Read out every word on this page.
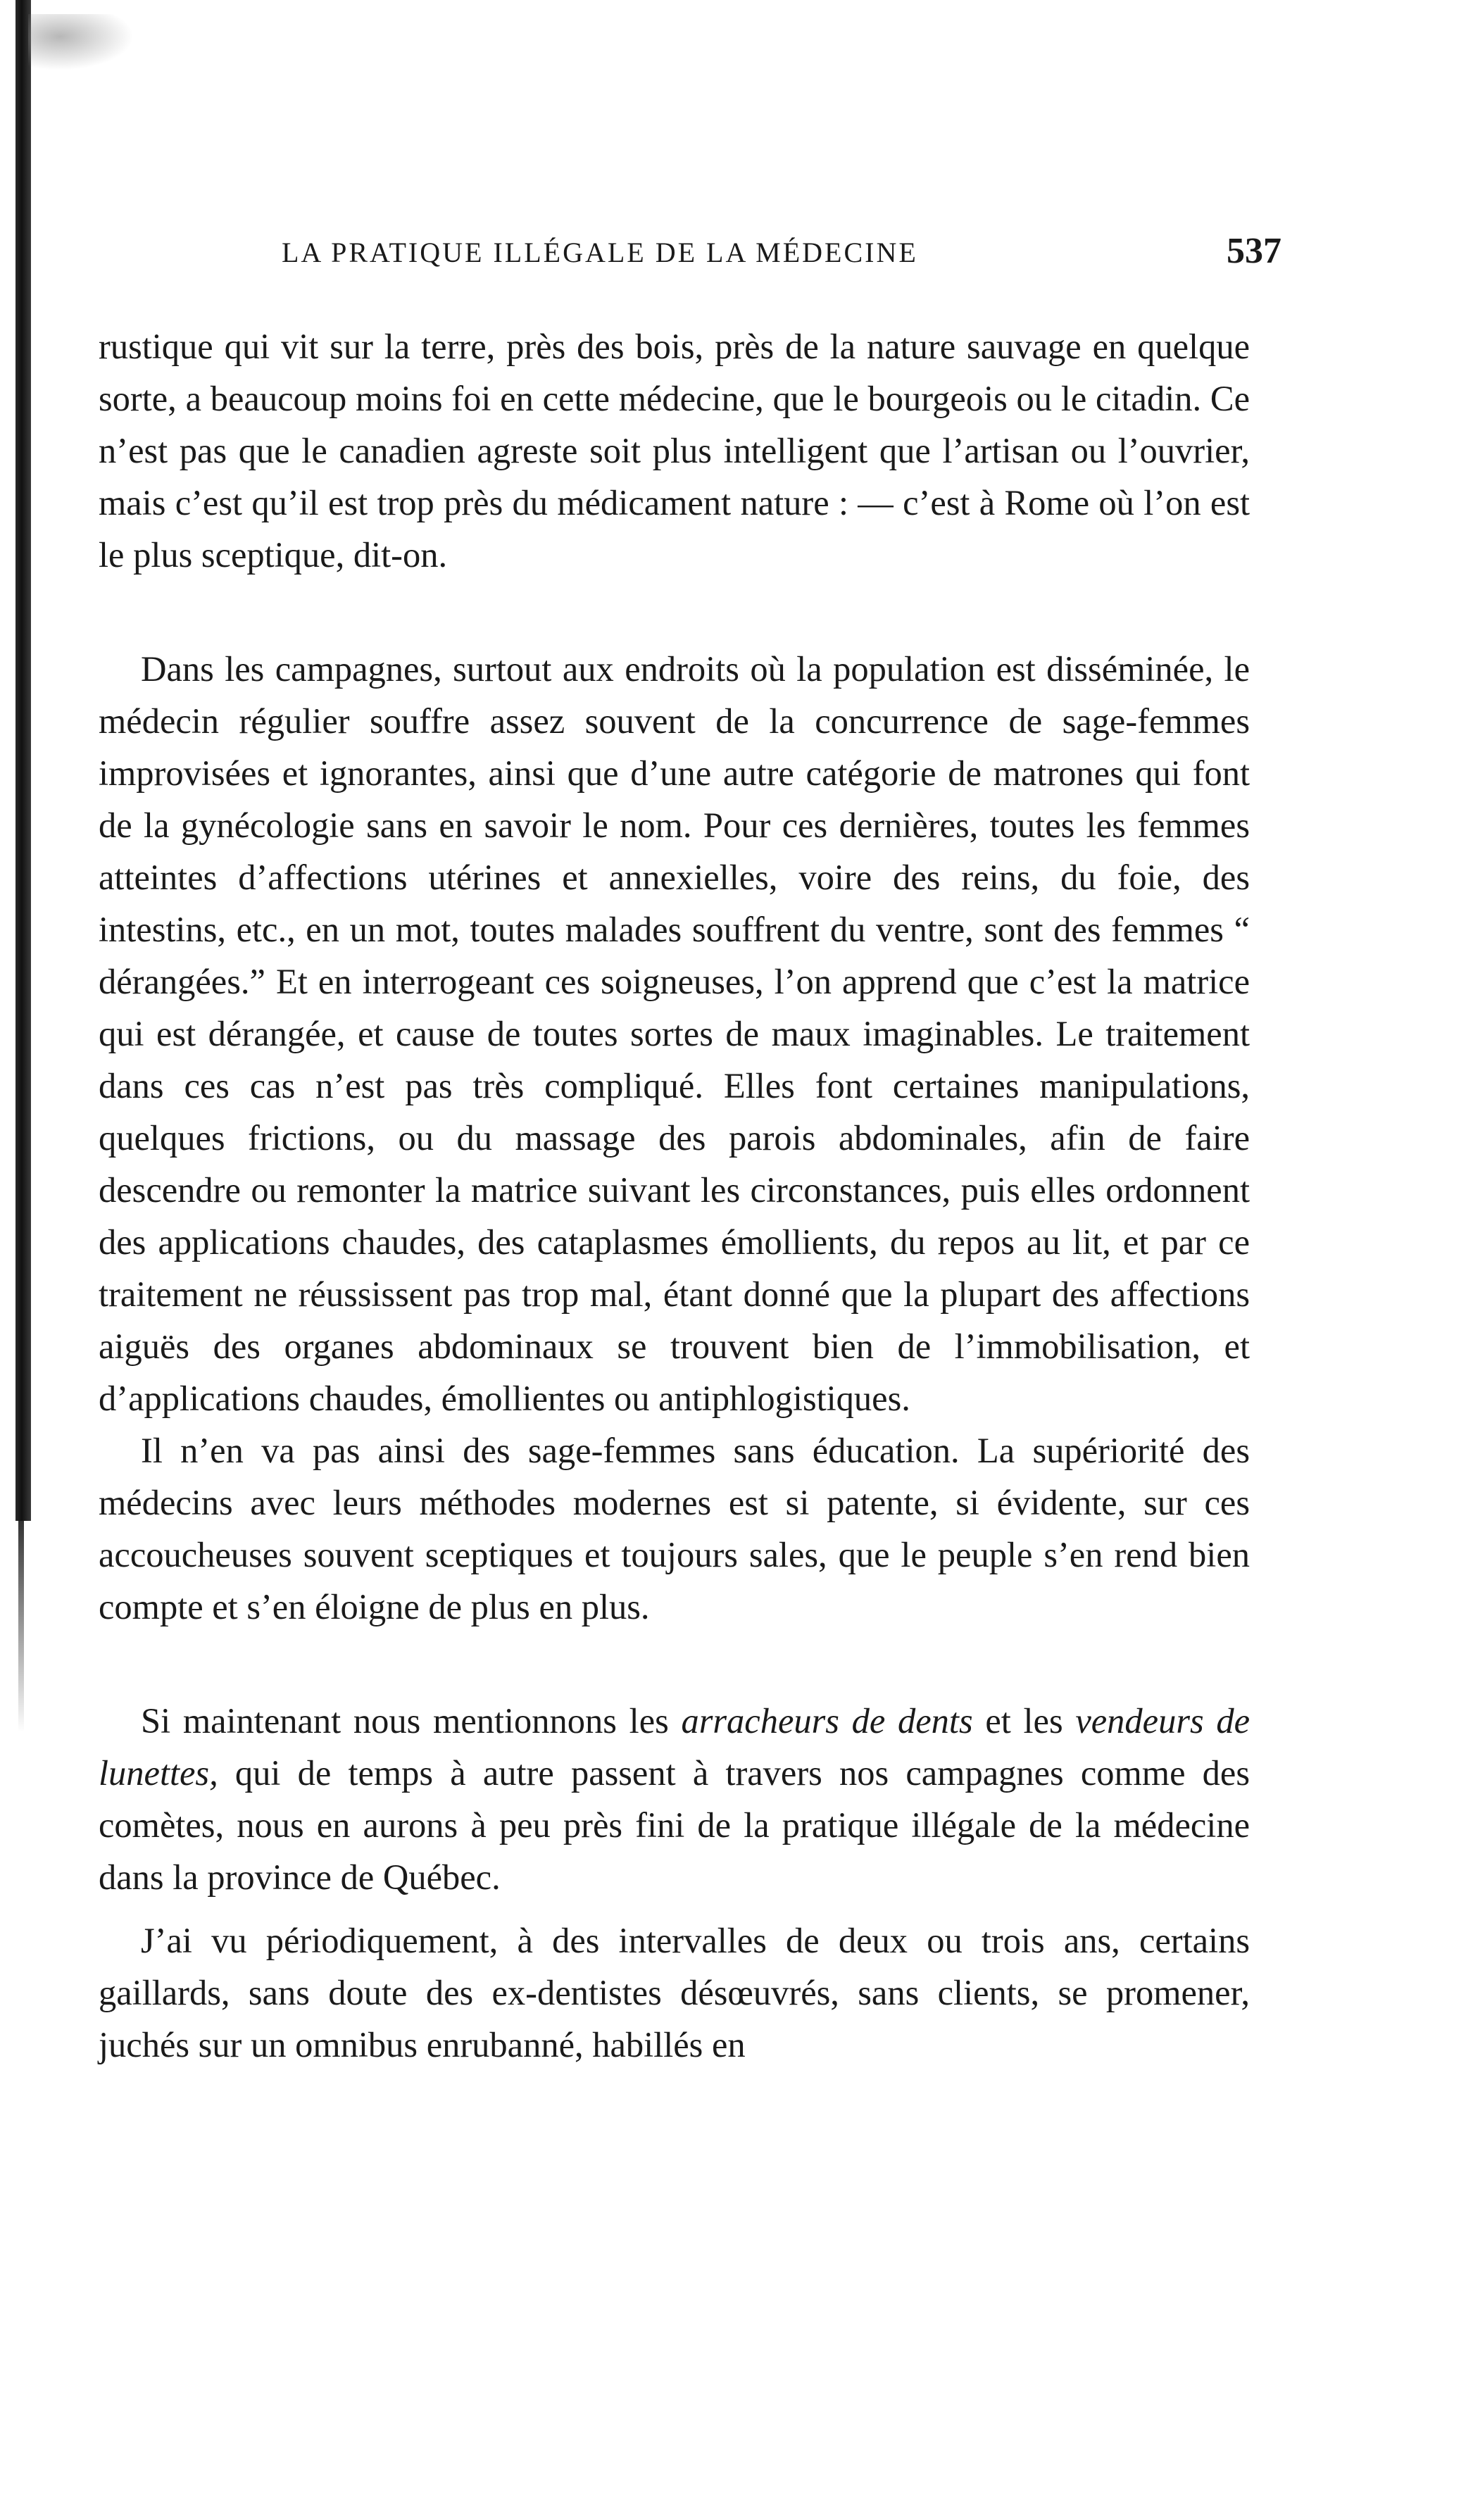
LA PRATIQUE ILLÉGALE DE LA MÉDECINE	537

rustique qui vit sur la terre, près des bois, près de la nature sauvage en quelque sorte, a beaucoup moins foi en cette médecine, que le bourgeois ou le citadin. Ce n’est pas que le canadien agreste soit plus intelligent que l’artisan ou l’ouvrier, mais c’est qu’il est trop près du médicament nature : — c’est à Rome où l’on est le plus sceptique, dit-on.

Dans les campagnes, surtout aux endroits où la population est disséminée, le médecin régulier souffre assez souvent de la concurrence de sage-femmes improvisées et ignorantes, ainsi que d’une autre catégorie de matrones qui font de la gynécologie sans en savoir le nom. Pour ces dernières, toutes les femmes atteintes d’affections utérines et annexielles, voire des reins, du foie, des intestins, etc., en un mot, toutes malades souffrent du ventre, sont des femmes “ dérangées.” Et en interrogeant ces soigneuses, l’on apprend que c’est la matrice qui est dérangée, et cause de toutes sortes de maux imaginables. Le traitement dans ces cas n’est pas très compliqué. Elles font certaines manipulations, quelques frictions, ou du massage des parois abdominales, afin de faire descendre ou remonter la matrice suivant les circonstances, puis elles ordonnent des applications chaudes, des cataplasmes émollients, du repos au lit, et par ce traitement ne réussissent pas trop mal, étant donné que la plupart des affections aiguës des organes abdominaux se trouvent bien de l’immobilisation, et d’applications chaudes, émollientes ou antiphlogistiques.

Il n’en va pas ainsi des sage-femmes sans éducation. La supériorité des médecins avec leurs méthodes modernes est si patente, si évidente, sur ces accoucheuses souvent sceptiques et toujours sales, que le peuple s’en rend bien compte et s’en éloigne de plus en plus.

Si maintenant nous mentionnons les arracheurs de dents et les vendeurs de lunettes, qui de temps à autre passent à travers nos campagnes comme des comètes, nous en aurons à peu près fini de la pratique illégale de la médecine dans la province de Québec.

J’ai vu périodiquement, à des intervalles de deux ou trois ans, certains gaillards, sans doute des ex-dentistes désœuvrés, sans clients, se promener, juchés sur un omnibus enrubanné, habillés en
